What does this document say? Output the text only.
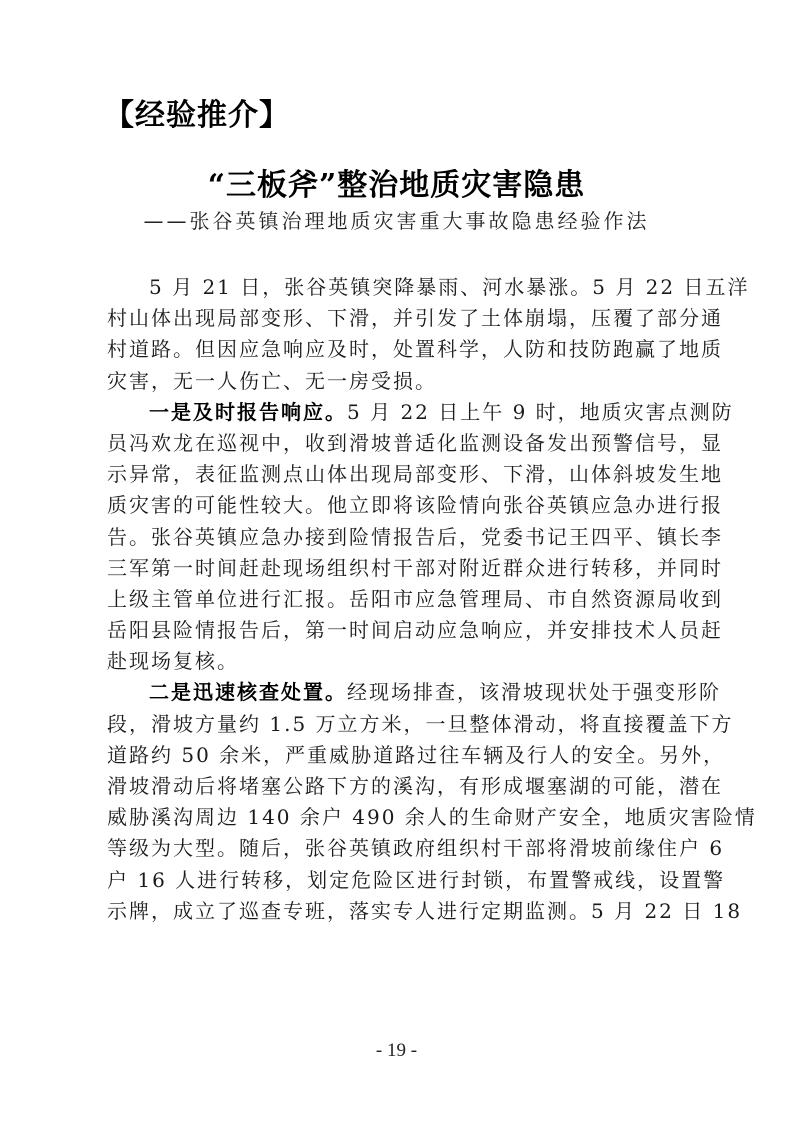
【经验推介】
“三板斧”整治地质灾害隐患
——张谷英镇治理地质灾害重大事故隐患经验作法
5 月 21 日，张谷英镇突降暴雨、河水暴涨。5 月 22 日五洋
村山体出现局部变形、下滑，并引发了土体崩塌，压覆了部分通
村道路。但因应急响应及时，处置科学，人防和技防跑赢了地质
灾害，无一人伤亡、无一房受损。
一是及时报告响应。5 月 22 日上午 9 时，地质灾害点测防
员冯欢龙在巡视中，收到滑坡普适化监测设备发出预警信号，显
示异常，表征监测点山体出现局部变形、下滑，山体斜坡发生地
质灾害的可能性较大。他立即将该险情向张谷英镇应急办进行报
告。张谷英镇应急办接到险情报告后，党委书记王四平、镇长李
三军第一时间赶赴现场组织村干部对附近群众进行转移，并同时
上级主管单位进行汇报。岳阳市应急管理局、市自然资源局收到
岳阳县险情报告后，第一时间启动应急响应，并安排技术人员赶
赴现场复核。
二是迅速核查处置。经现场排查，该滑坡现状处于强变形阶
段，滑坡方量约 1.5 万立方米，一旦整体滑动，将直接覆盖下方
道路约 50 余米，严重威胁道路过往车辆及行人的安全。另外，
滑坡滑动后将堵塞公路下方的溪沟，有形成堰塞湖的可能，潜在
威胁溪沟周边 140 余户 490 余人的生命财产安全，地质灾害险情
等级为大型。随后，张谷英镇政府组织村干部将滑坡前缘住户 6
户 16 人进行转移，划定危险区进行封锁，布置警戒线，设置警
示牌，成立了巡查专班，落实专人进行定期监测。5 月 22 日 18
- 19 -
